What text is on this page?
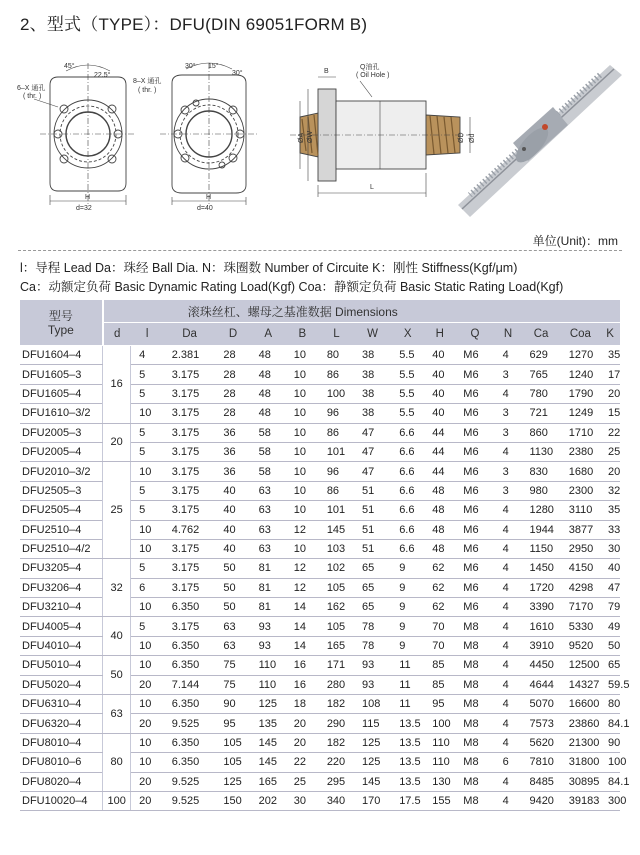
2、型式（TYPE）：DFU(DIN 69051FORM B)
6–X 通孔
( thr. )
45°
22.5°
H
d=32
8–X 通孔
( thr. )
30° 15°
30°
H
d=40
Q油孔
( Oil Hole )
ØA ØW	ØD Ød
B
L
单位(Unit)：mm
l：导程 Lead Da：珠经 Ball Dia. N：珠圈数 Number of Circuite K：刚性 Stiffness(Kgf/μm)
Ca：动额定负荷 Basic Dynamic Rating Load(Kgf) Coa：静额定负荷 Basic Static Rating Load(Kgf)
型号
Type	滚珠丝杠、螺母之基准数据 Dimensions														
	d	l	Da	D	A	B	L	W	X	H	Q	N	Ca	Coa	K
DFU1604–4	16	4	2.381	28	48	10	80	38	5.5	40	M6	4	629	1270	35
DFU1605–3		5	3.175	28	48	10	86	38	5.5	40	M6	3	765	1240	17
DFU1605–4		5	3.175	28	48	10	100	38	5.5	40	M6	4	780	1790	20
DFU1610–3/2		10	3.175	28	48	10	96	38	5.5	40	M6	3	721	1249	15
DFU2005–3	20	5	3.175	36	58	10	86	47	6.6	44	M6	3	860	1710	22
DFU2005–4		5	3.175	36	58	10	101	47	6.6	44	M6	4	1130	2380	25
DFU2010–3/2	25	10	3.175	36	58	10	96	47	6.6	44	M6	3	830	1680	20
DFU2505–3		5	3.175	40	63	10	86	51	6.6	48	M6	3	980	2300	32
DFU2505–4		5	3.175	40	63	10	101	51	6.6	48	M6	4	1280	3110	35
DFU2510–4		10	4.762	40	63	12	145	51	6.6	48	M6	4	1944	3877	33
DFU2510–4/2		10	3.175	40	63	10	103	51	6.6	48	M6	4	1150	2950	30
DFU3205–4	32	5	3.175	50	81	12	102	65	9	62	M6	4	1450	4150	40
DFU3206–4		6	3.175	50	81	12	105	65	9	62	M6	4	1720	4298	47
DFU3210–4		10	6.350	50	81	14	162	65	9	62	M6	4	3390	7170	79
DFU4005–4	40	5	3.175	63	93	14	105	78	9	70	M8	4	1610	5330	49
DFU4010–4		10	6.350	63	93	14	165	78	9	70	M8	4	3910	9520	50
DFU5010–4	50	10	6.350	75	110	16	171	93	11	85	M8	4	4450	12500	65
DFU5020–4		20	7.144	75	110	16	280	93	11	85	M8	4	4644	14327	59.5
DFU6310–4	63	10	6.350	90	125	18	182	108	11	95	M8	4	5070	16600	80
DFU6320–4		20	9.525	95	135	20	290	115	13.5	100	M8	4	7573	23860	84.1
DFU8010–4	80	10	6.350	105	145	20	182	125	13.5	110	M8	4	5620	21300	90
DFU8010–6		10	6.350	105	145	22	220	125	13.5	110	M8	6	7810	31800	100
DFU8020–4		20	9.525	125	165	25	295	145	13.5	130	M8	4	8485	30895	84.1
DFU10020–4	100	20	9.525	150	202	30	340	170	17.5	155	M8	4	9420	39183	300
